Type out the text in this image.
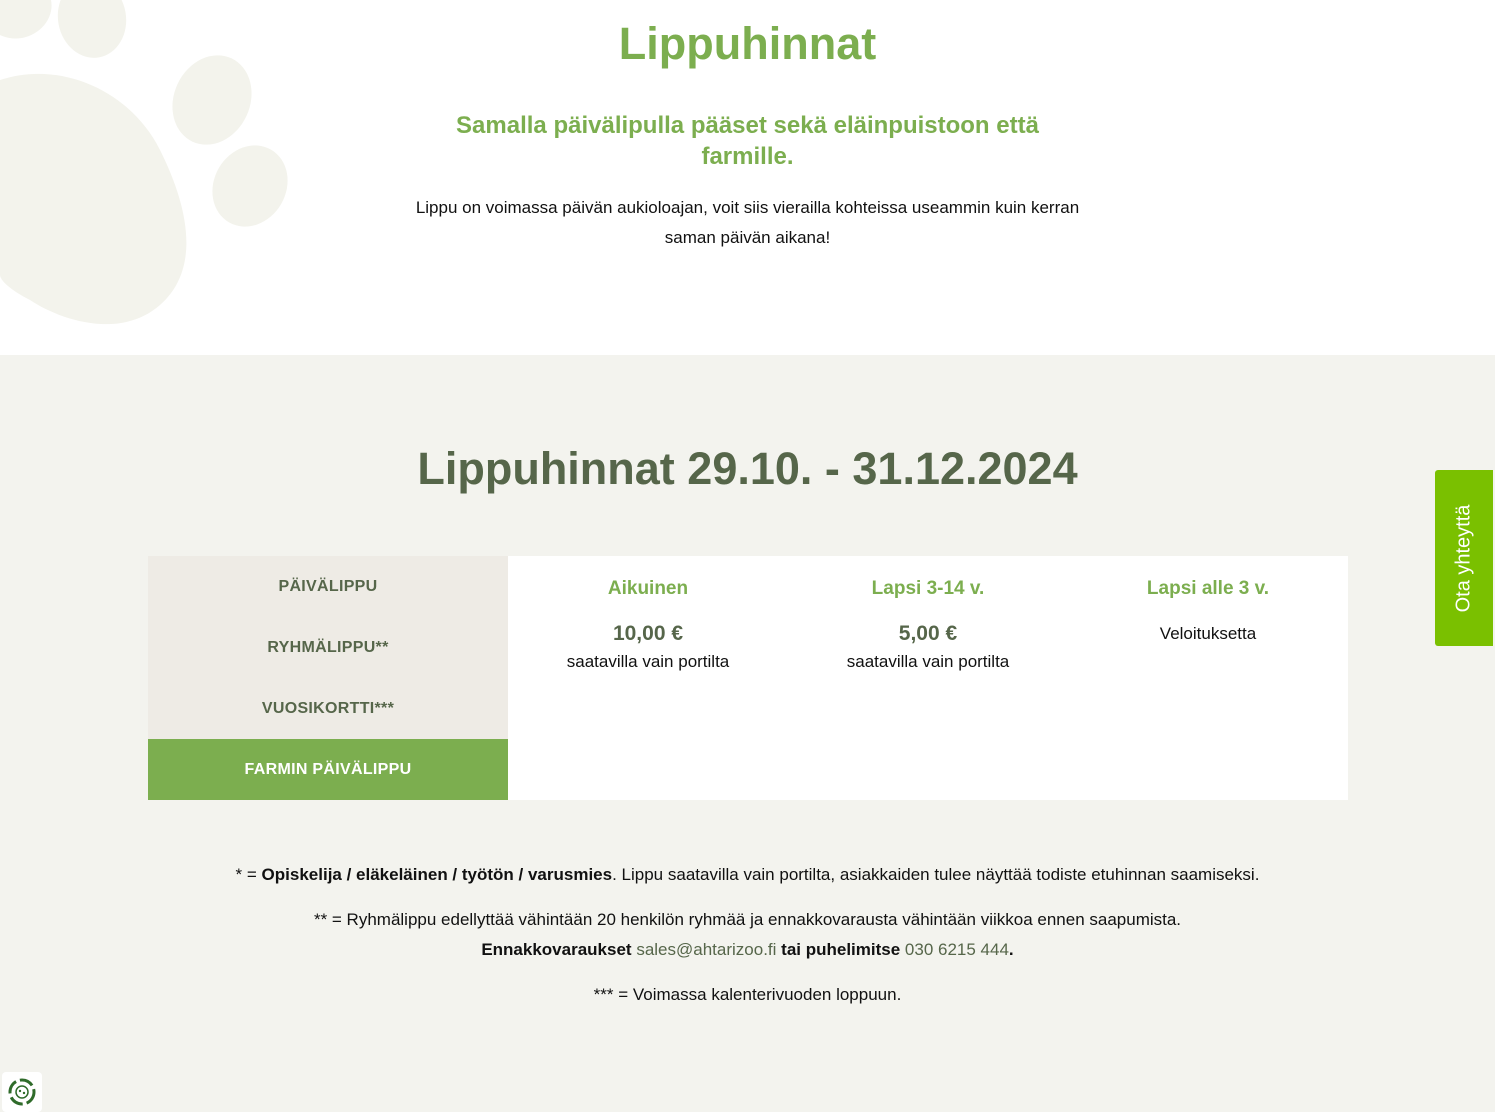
Lippuhinnat
Samalla päivälipulla pääset sekä eläinpuistoon että farmille.

Lippu on voimassa päivän aukioloajan, voit siis vierailla kohteissa useammin kuin kerran saman päivän aikana!

Lippuhinnat 29.10. - 31.12.2024
PÄIVÄLIPPU
RYHMÄLIPPU**
VUOSIKORTTI***
FARMIN PÄIVÄLIPPU
Aikuinen
10,00 €
saatavilla vain portilta
Lapsi 3-14 v.
5,00 €
saatavilla vain portilta
Lapsi alle 3 v.
Veloituksetta

* = Opiskelija / eläkeläinen / työtön / varusmies. Lippu saatavilla vain portilta, asiakkaiden tulee näyttää todiste etuhinnan saamiseksi.

** = Ryhmälippu edellyttää vähintään 20 henkilön ryhmää ja ennakkovarausta vähintään viikkoa ennen saapumista.
Ennakkovaraukset sales@ahtarizoo.fi tai puhelimitse 030 6215 444.

*** = Voimassa kalenterivuoden loppuun.

Ota yhteyttä
